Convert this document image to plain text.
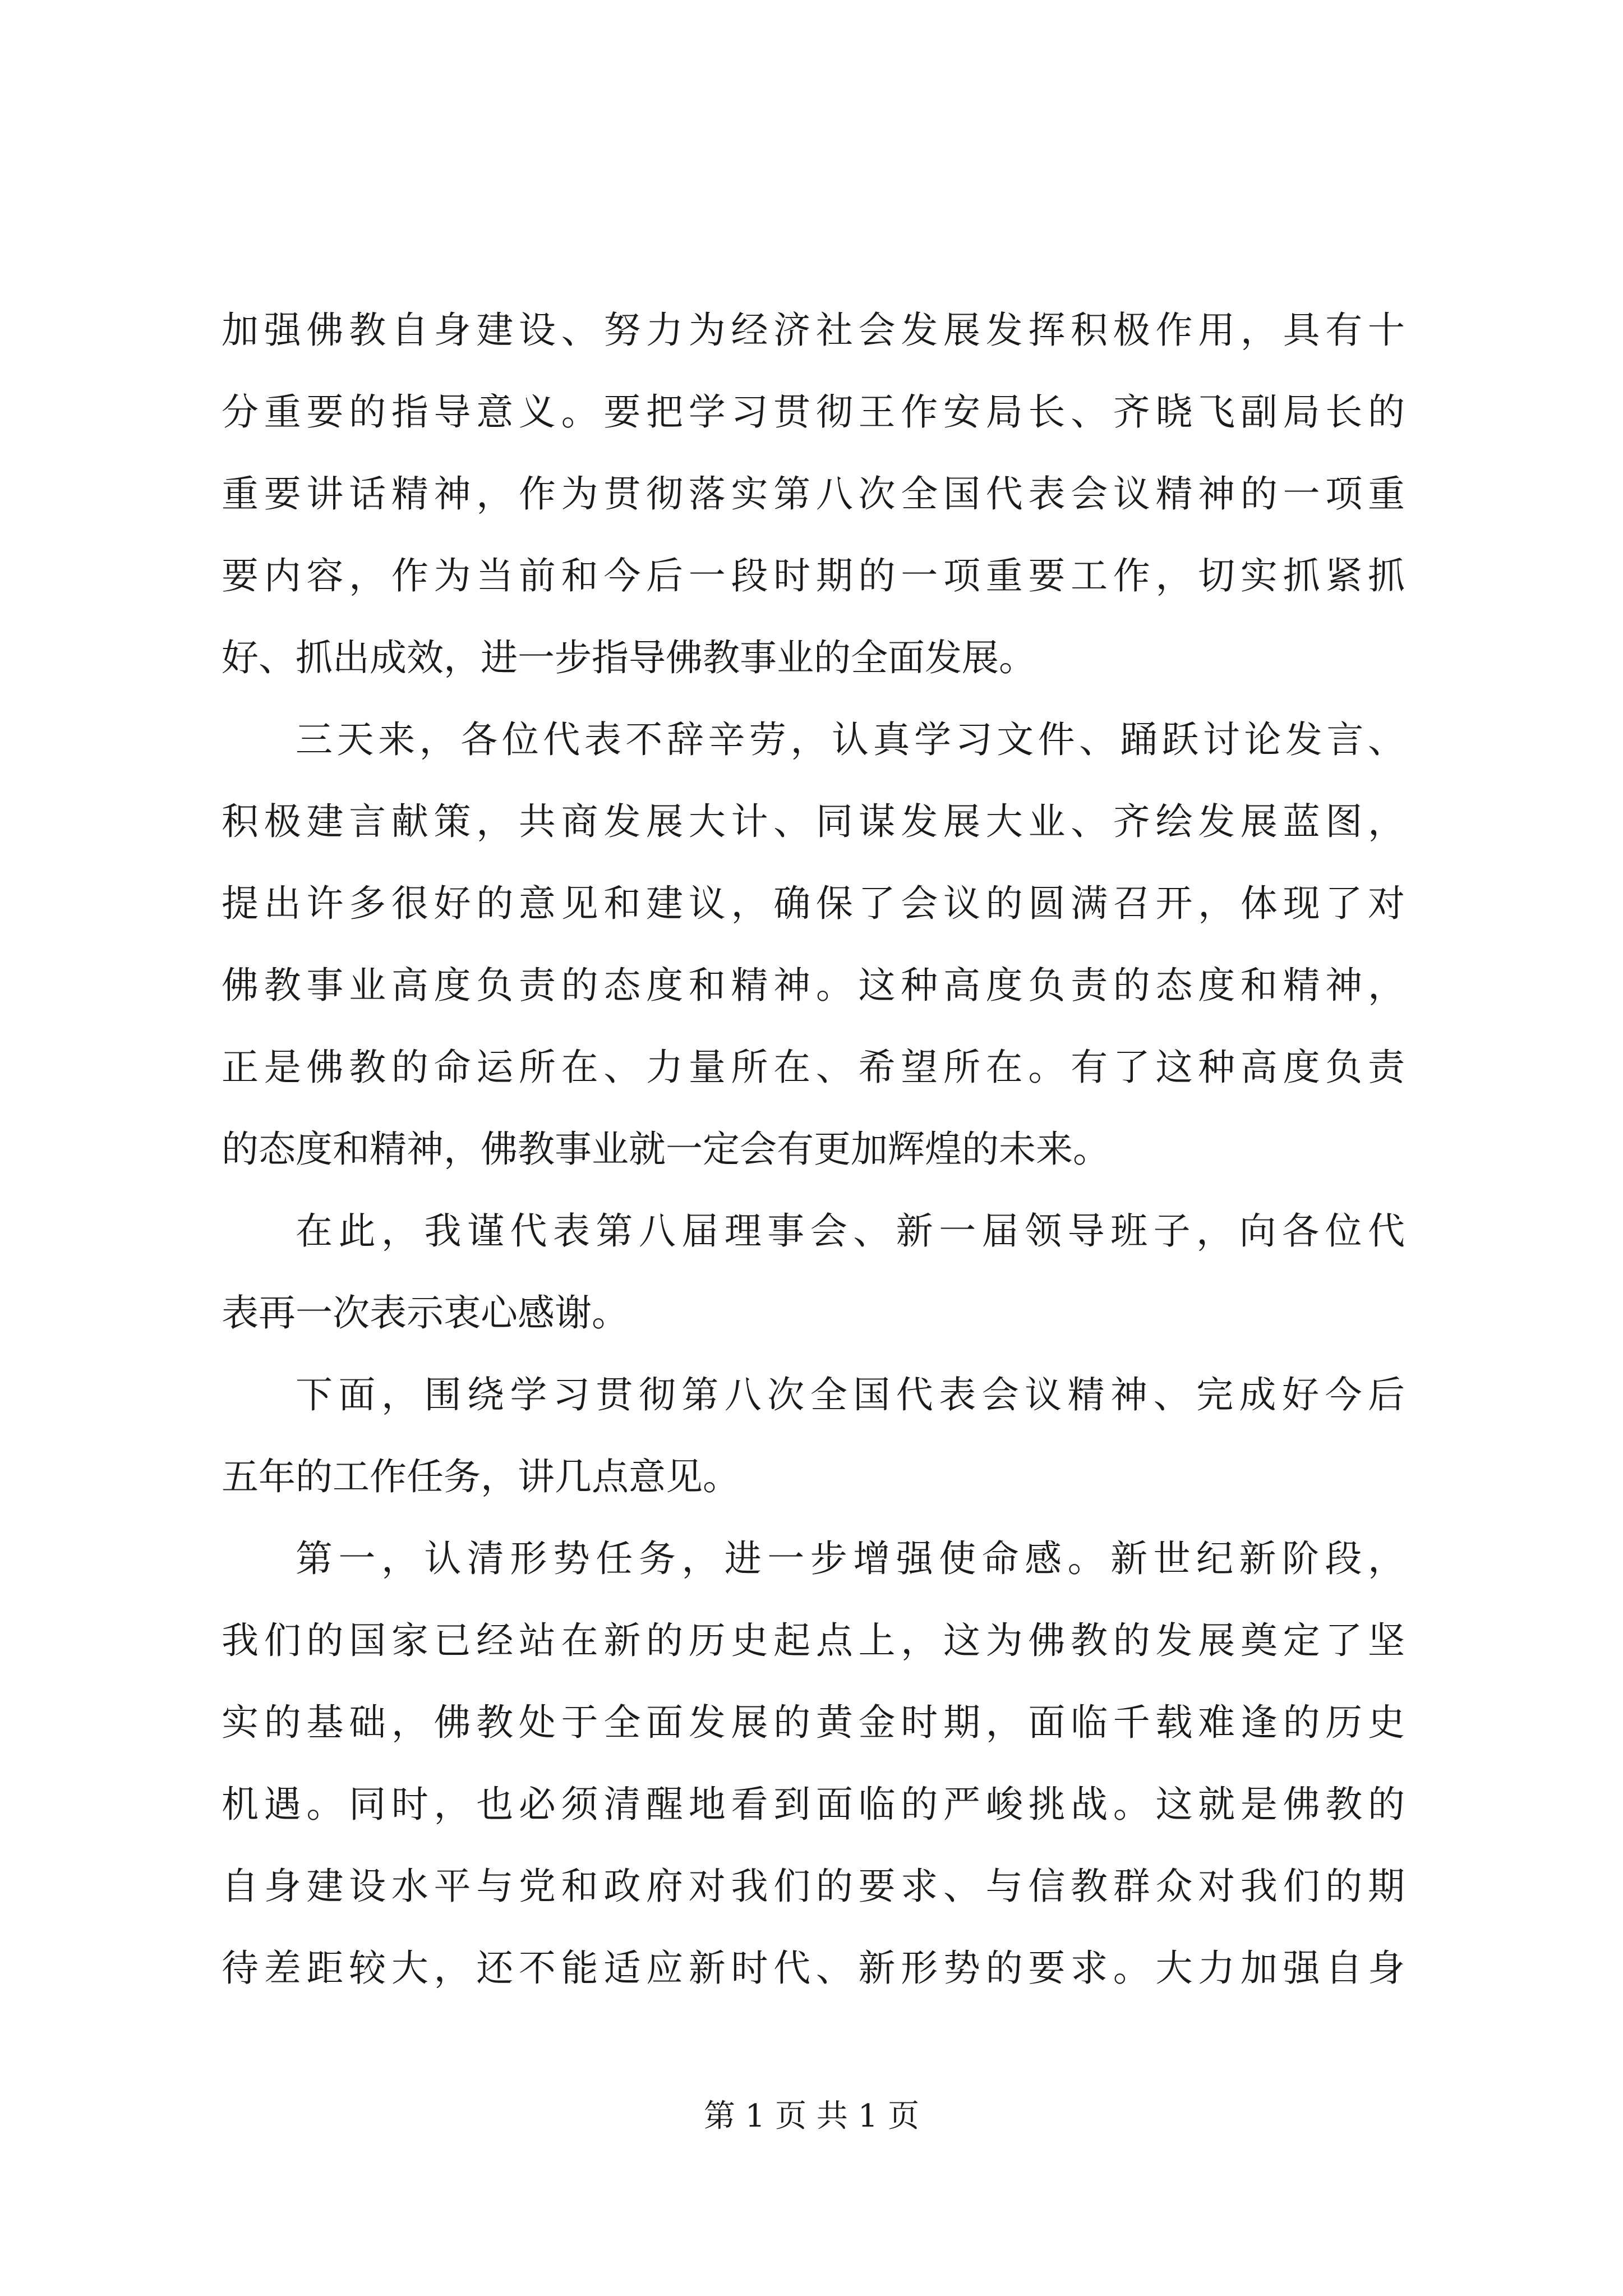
加强佛教自身建设、努力为经济社会发展发挥积极作用，具有十
分重要的指导意义。要把学习贯彻王作安局长、齐晓飞副局长的
重要讲话精神，作为贯彻落实第八次全国代表会议精神的一项重
要内容，作为当前和今后一段时期的一项重要工作，切实抓紧抓
好、抓出成效，进一步指导佛教事业的全面发展。
三天来，各位代表不辞辛劳，认真学习文件、踊跃讨论发言、
积极建言献策，共商发展大计、同谋发展大业、齐绘发展蓝图，
提出许多很好的意见和建议，确保了会议的圆满召开，体现了对
佛教事业高度负责的态度和精神。这种高度负责的态度和精神，
正是佛教的命运所在、力量所在、希望所在。有了这种高度负责
的态度和精神，佛教事业就一定会有更加辉煌的未来。
在此，我谨代表第八届理事会、新一届领导班子，向各位代
表再一次表示衷心感谢。
下面，围绕学习贯彻第八次全国代表会议精神、完成好今后
五年的工作任务，讲几点意见。
第一，认清形势任务，进一步增强使命感。新世纪新阶段，
我们的国家已经站在新的历史起点上，这为佛教的发展奠定了坚
实的基础，佛教处于全面发展的黄金时期，面临千载难逢的历史
机遇。同时，也必须清醒地看到面临的严峻挑战。这就是佛教的
自身建设水平与党和政府对我们的要求、与信教群众对我们的期
待差距较大，还不能适应新时代、新形势的要求。大力加强自身
第 1 页 共 1 页
